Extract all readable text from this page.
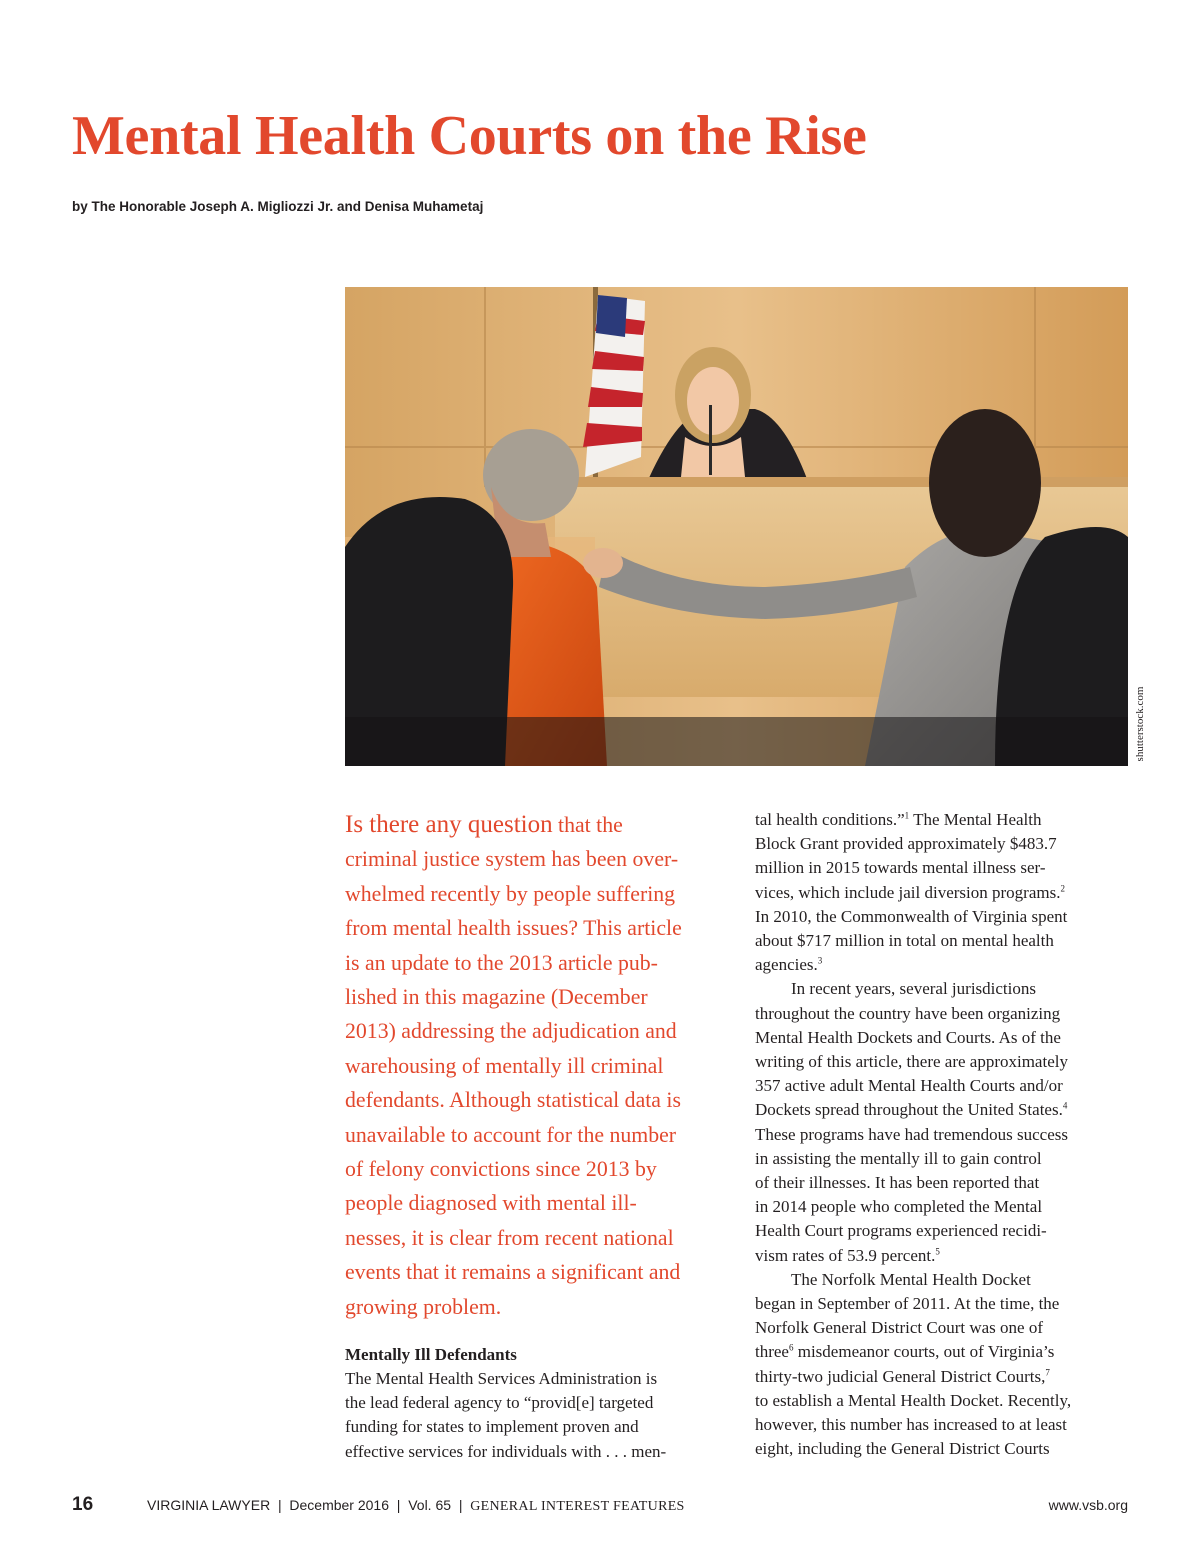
Mental Health Courts on the Rise
by The Honorable Joseph A. Migliozzi Jr. and Denisa Muhametaj
shutterstock.com

Is there any question that the

criminal justice system has been over-

whelmed recently by people suffering

from mental health issues? This article

is an update to the 2013 article pub-

lished in this magazine (December

2013) addressing the adjudication and

warehousing of mentally ill criminal

defendants. Although statistical data is

unavailable to account for the number

of felony convictions since 2013 by

people diagnosed with mental ill-

nesses, it is clear from recent national

events that it remains a significant and

growing problem.

Mentally Ill Defendants

The Mental Health Services Administration is

the lead federal agency to “provid[e] targeted

funding for states to implement proven and

effective services for individuals with . . . men-

tal health conditions.”$^1$ The Mental Health

Block Grant provided approximately $483.7

million in 2015 towards mental illness ser-

vices, which include jail diversion programs.$^2$

In 2010, the Commonwealth of Virginia spent

about $717 million in total on mental health

agencies.$^3$

In recent years, several jurisdictions

throughout the country have been organizing

Mental Health Dockets and Courts. As of the

writing of this article, there are approximately

357 active adult Mental Health Courts and/or

Dockets spread throughout the United States.$^4$

These programs have had tremendous success

in assisting the mentally ill to gain control

of their illnesses. It has been reported that

in 2014 people who completed the Mental

Health Court programs experienced recidi-

vism rates of 53.9 percent.$^5$

The Norfolk Mental Health Docket

began in September of 2011. At the time, the

Norfolk General District Court was one of

three$^6$ misdemeanor courts, out of Virginia’s

thirty-two judicial General District Courts,$^7$

to establish a Mental Health Docket. Recently,

however, this number has increased to at least

eight, including the General District Courts

16	VIRGINIA LAWYER  |  December 2016  |  Vol. 65  |  GENERAL INTEREST FEATURES	www.vsb.org
